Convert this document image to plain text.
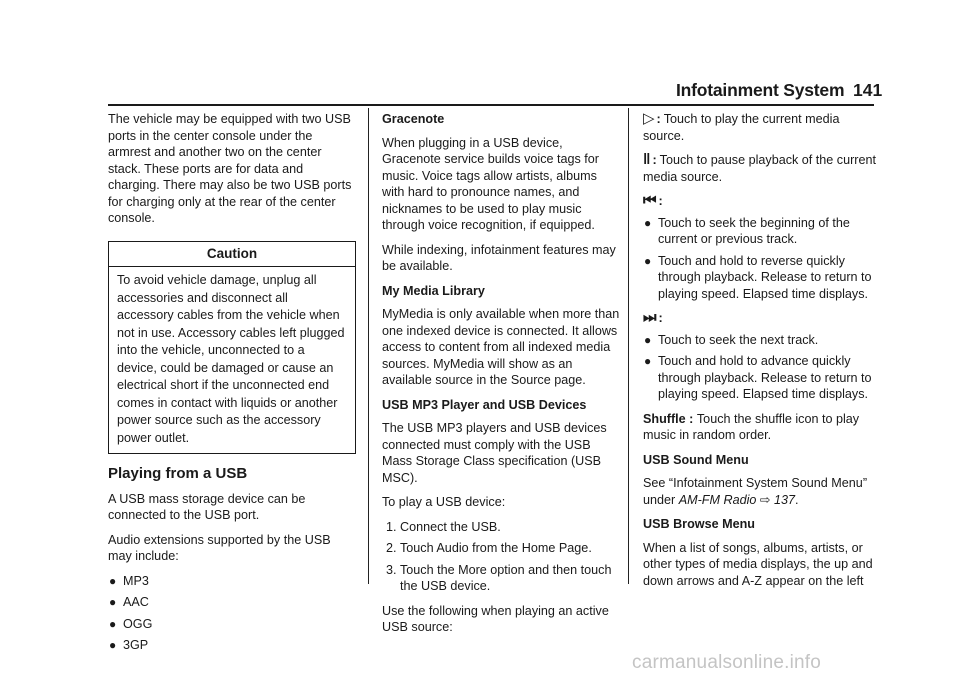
Infotainment System 141

The vehicle may be equipped with two USB ports in the center console under the armrest and another two on the center stack. These ports are for data and charging. There may also be two USB ports for charging only at the rear of the center console.

Caution
To avoid vehicle damage, unplug all accessories and disconnect all accessory cables from the vehicle when not in use. Accessory cables left plugged into the vehicle, unconnected to a device, could be damaged or cause an electrical short if the unconnected end comes in contact with liquids or another power source such as the accessory power outlet.
Playing from a USB

A USB mass storage device can be connected to the USB port.

Audio extensions supported by the USB may include:

● MP3
● AAC
● OGG
● 3GP
Gracenote

When plugging in a USB device, Gracenote service builds voice tags for music. Voice tags allow artists, albums with hard to pronounce names, and nicknames to be used to play music through voice recognition, if equipped.

While indexing, infotainment features may be available.

My Media Library

MyMedia is only available when more than one indexed device is connected. It allows access to content from all indexed media sources. MyMedia will show as an available source in the Source page.

USB MP3 Player and USB Devices

The USB MP3 players and USB devices connected must comply with the USB Mass Storage Class specification (USB MSC).

To play a USB device:

1. Connect the USB.
2. Touch Audio from the Home Page.
3. Touch the More option and then touch the USB device.

Use the following when playing an active USB source:

▷ : Touch to play the current media source.
‖ : Touch to pause playback of the current media source.
⏮ :
● Touch to seek the beginning of the current or previous track.
● Touch and hold to reverse quickly through playback. Release to return to playing speed. Elapsed time displays.
⏭ :
● Touch to seek the next track.
● Touch and hold to advance quickly through playback. Release to return to playing speed. Elapsed time displays.

Shuffle : Touch the shuffle icon to play music in random order.

USB Sound Menu

See “Infotainment System Sound Menu” under AM-FM Radio ⇨ 137.

USB Browse Menu

When a list of songs, albums, artists, or other types of media displays, the up and down arrows and A-Z appear on the left

carmanualsonline.info
